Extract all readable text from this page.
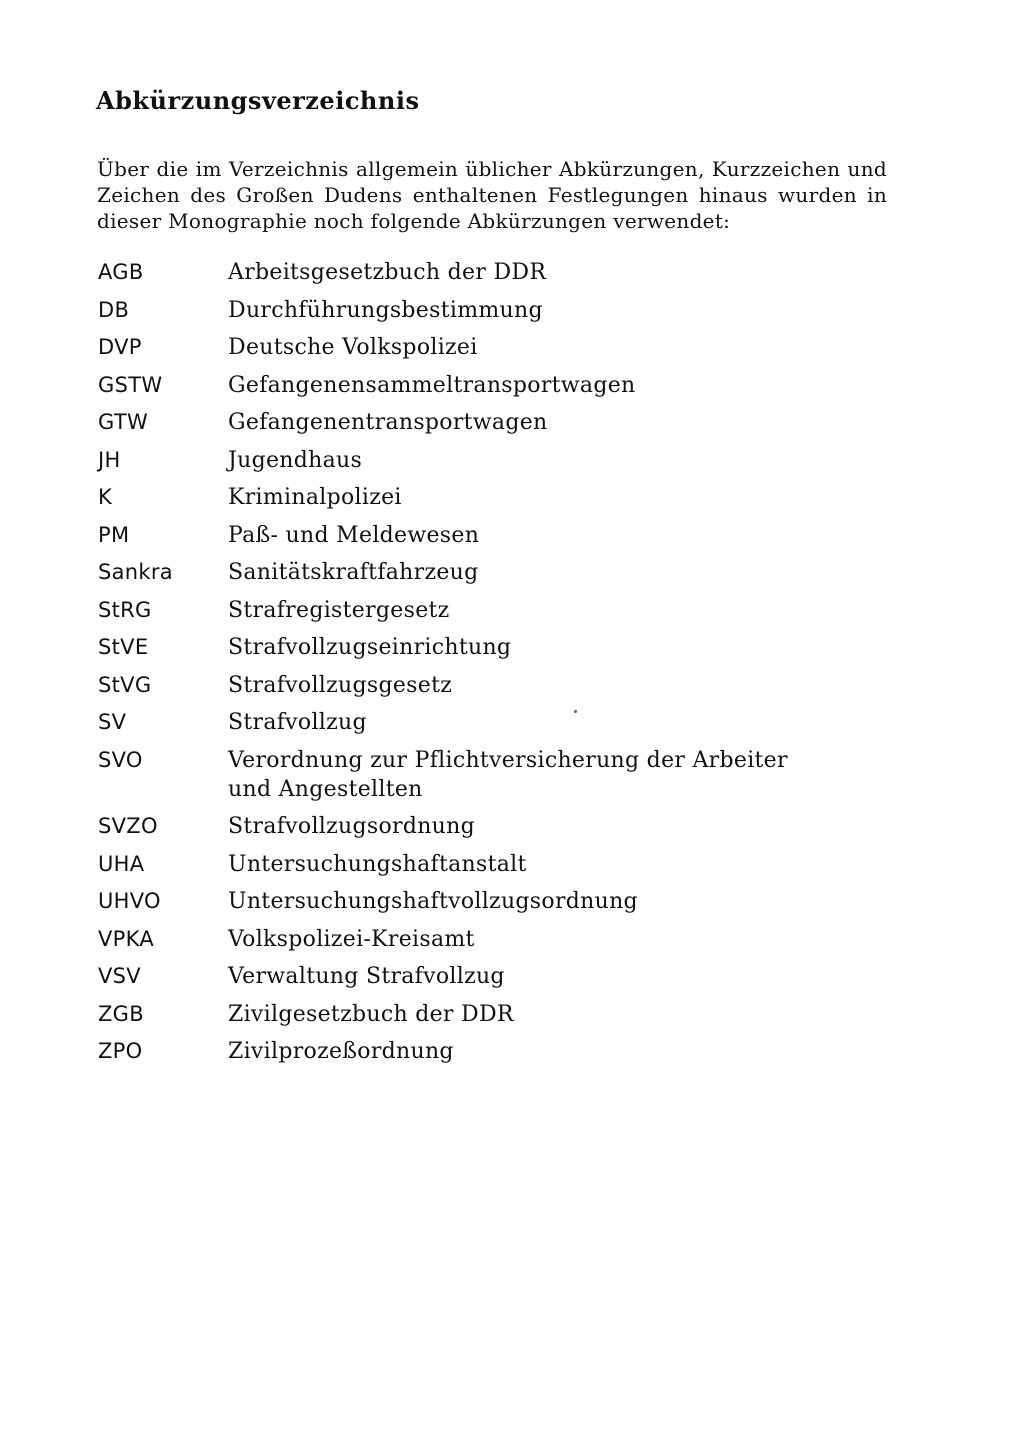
Abkürzungsverzeichnis

Über die im Verzeichnis allgemein üblicher Abkürzungen, Kurzzeichen und Zeichen des Großen Dudens enthaltenen Festlegungen hinaus wurden in dieser Monographie noch folgende Abkürzungen verwendet:

AGB	Arbeitsgesetzbuch der DDR
DB	Durchführungsbestimmung
DVP	Deutsche Volkspolizei
GSTW	Gefangenensammeltransportwagen
GTW	Gefangenentransportwagen
JH	Jugendhaus
K	Kriminalpolizei
PM	Paß- und Meldewesen
Sankra	Sanitätskraftfahrzeug
StRG	Strafregistergesetz
StVE	Strafvollzugseinrichtung
StVG	Strafvollzugsgesetz
SV	Strafvollzug
SVO	Verordnung zur Pflichtversicherung der Arbeiter und Angestellten
SVZO	Strafvollzugsordnung
UHA	Untersuchungshaftanstalt
UHVO	Untersuchungshaftvollzugsordnung
VPKA	Volkspolizei-Kreisamt
VSV	Verwaltung Strafvollzug
ZGB	Zivilgesetzbuch der DDR
ZPO	Zivilprozeßordnung
